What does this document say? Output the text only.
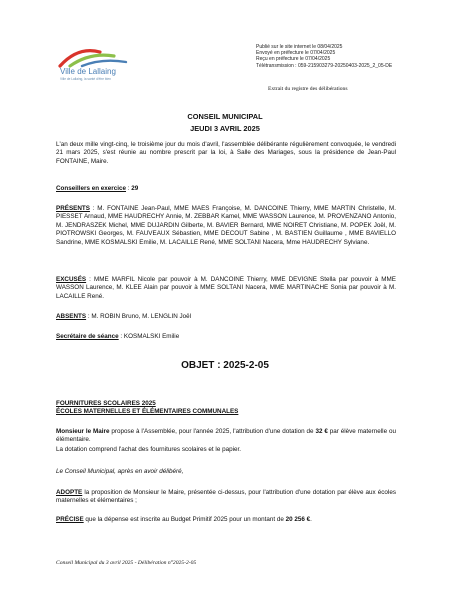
Ville de Lallaing
Ville de Lallaing, la santé d'être bien
Publié sur le site internet le 08/04/2025
Envoyé en préfecture le 07/04/2025
Reçu en préfecture le 07/04/2025
Télétransmission : 059-215903279-20250403-2025_2_05-DE
Extrait du registre des délibérations
CONSEIL MUNICIPAL
JEUDI 3 AVRIL 2025
L'an deux mille vingt-cinq, le troisième jour du mois d'avril, l'assemblée délibérante régulièrement convoquée, le vendredi 21 mars 2025, s'est réunie au nombre prescrit par la loi, à Salle des Mariages, sous la présidence de Jean-Paul FONTAINE, Maire.
Conseillers en exercice : 29
PRÉSENTS : M. FONTAINE Jean-Paul, MME MAES Françoise, M. DANCOINE Thierry, MME MARTIN Christelle, M. PIESSET Arnaud, MME HAUDRECHY Annie, M. ZEBBAR Kamel, MME WASSON Laurence, M. PROVENZANO Antonio, M. JENDRASZEK Michel, MME DUJARDIN Gilberte, M. BAVIER Bernard, MME NOIRET Christiane, M. POPEK Joël, M. PIOTROWSKI Georges, M. FAUVEAUX Sébastien, MME DECOUT Sabine , M. BASTIEN Guillaume , MME BAVIELLO Sandrine, MME KOSMALSKI Emilie, M. LACAILLE René, MME SOLTANI Nacera, Mme HAUDRECHY Sylviane.
EXCUSÉS : MME MARFIL Nicole par pouvoir à M. DANCOINE Thierry, MME DEVIGNE Stella par pouvoir à MME WASSON Laurence, M. KLEE Alain par pouvoir à MME SOLTANI Nacera, MME MARTINACHE Sonia par pouvoir à M. LACAILLE René.
ABSENTS : M. ROBIN Bruno, M. LENGLIN Joël
Secrétaire de séance : KOSMALSKI Emilie
OBJET : 2025-2-05
FOURNITURES SCOLAIRES 2025
ÉCOLES MATERNELLES ET ÉLÉMENTAIRES COMMUNALES
Monsieur le Maire propose à l'Assemblée, pour l'année 2025, l'attribution d'une dotation de 32 € par élève maternelle ou élémentaire.
La dotation comprend l'achat des fournitures scolaires et le papier.
Le Conseil Municipal, après en avoir délibéré,
ADOPTE la proposition de Monsieur le Maire, présentée ci-dessus, pour l'attribution d'une dotation par élève aux écoles maternelles et élémentaires ;
PRÉCISE que la dépense est inscrite au Budget Primitif 2025 pour un montant de 20 256 €.
Conseil Municipal du 3 avril 2025 - Délibération n°2025-2-05
